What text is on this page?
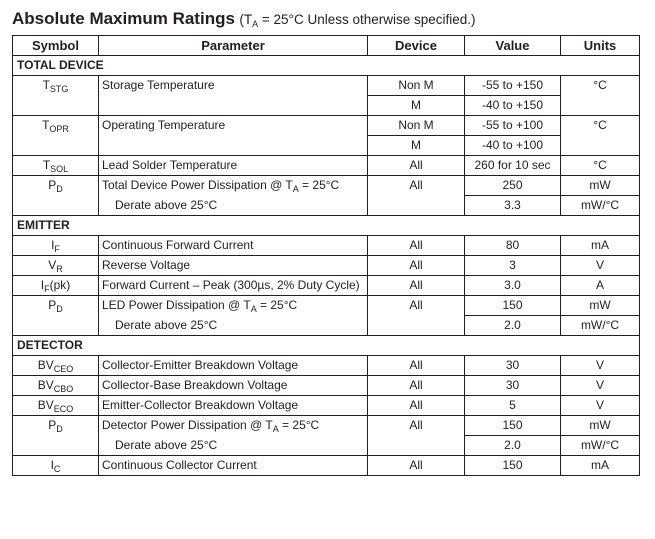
Absolute Maximum Ratings ($T_A = 25^\circ C$ Unless otherwise specified.)
Symbol	Parameter	Device	Value	Units
TOTAL DEVICE				
$T_{STG}$	Storage Temperature	Non M	-55 to +150	°C
		M	-40 to +150	
$T_{OPR}$	Operating Temperature	Non M	-55 to +100	°C
		M	-40 to +100	
$T_{SOL}$	Lead Solder Temperature	All	260 for 10 sec	°C
$P_D$	Total Device Power Dissipation @ $T_A = 25^\circ C$	All	250	mW
	Derate above 25°C		3.3	mW/°C
EMITTER				
$I_F$	Continuous Forward Current	All	80	mA
$V_R$	Reverse Voltage	All	3	V
$I_F(pk)$	Forward Current – Peak (300µs, 2% Duty Cycle)	All	3.0	A
$P_D$	LED Power Dissipation @ $T_A = 25^\circ C$	All	150	mW
	Derate above 25°C		2.0	mW/°C
DETECTOR				
$BV_{CEO}$	Collector-Emitter Breakdown Voltage	All	30	V
$BV_{CBO}$	Collector-Base Breakdown Voltage	All	30	V
$BV_{ECO}$	Emitter-Collector Breakdown Voltage	All	5	V
$P_D$	Detector Power Dissipation @ $T_A = 25^\circ C$	All	150	mW
	Derate above 25°C		2.0	mW/°C
$I_C$	Continuous Collector Current	All	150	mA
